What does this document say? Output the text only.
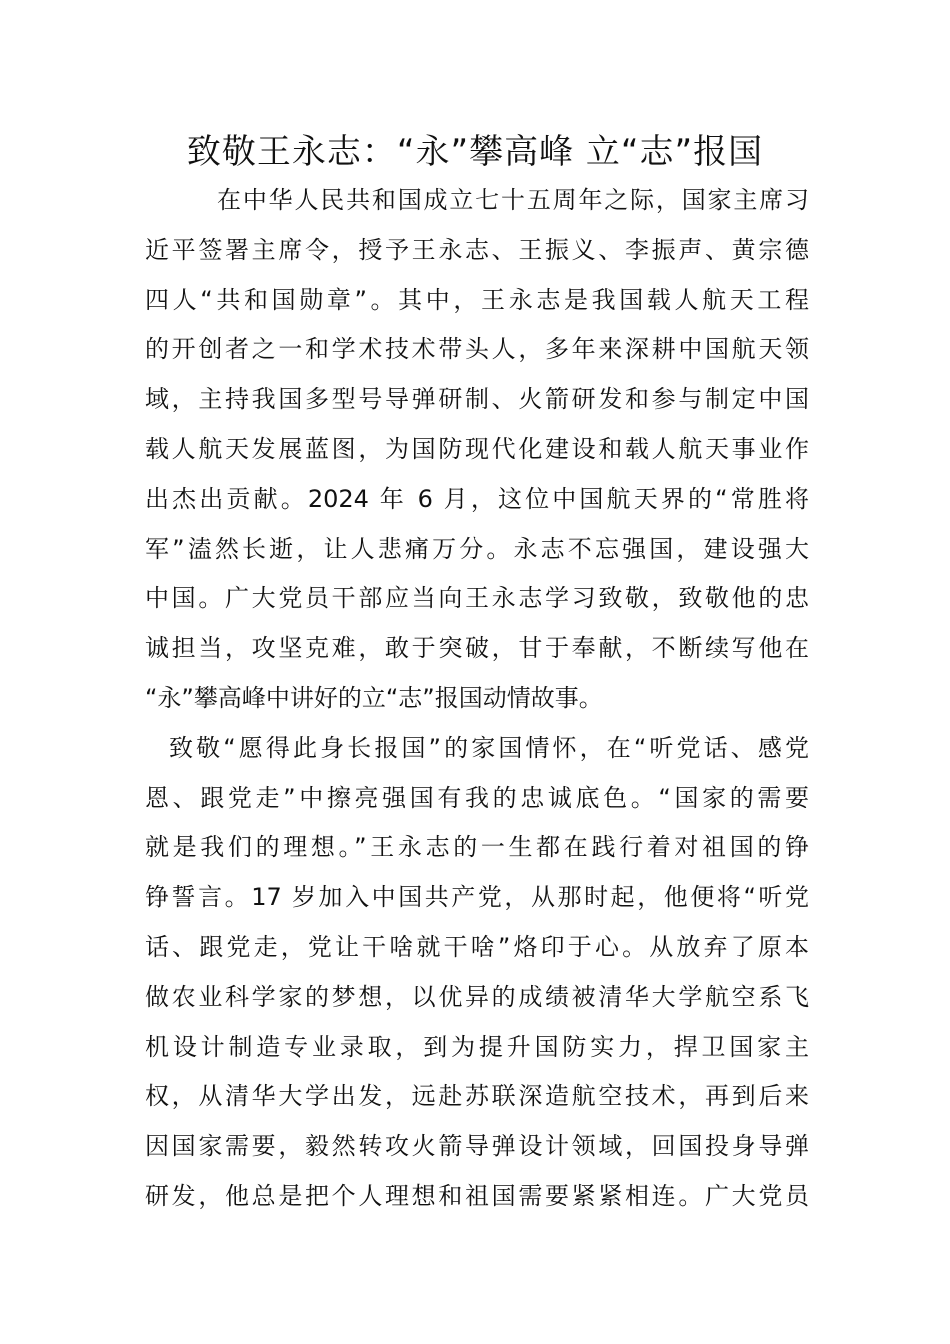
致敬王永志：“永”攀高峰 立“志”报国
在中华人民共和国成立七十五周年之际，国家主席习
近平签署主席令，授予王永志、王振义、李振声、黄宗德
四人“共和国勋章”。其中，王永志是我国载人航天工程
的开创者之一和学术技术带头人，多年来深耕中国航天领
域，主持我国多型号导弹研制、火箭研发和参与制定中国
载人航天发展蓝图，为国防现代化建设和载人航天事业作
出杰出贡献。2024 年 6 月，这位中国航天界的“常胜将
军”溘然长逝，让人悲痛万分。永志不忘强国，建设强大
中国。广大党员干部应当向王永志学习致敬，致敬他的忠
诚担当，攻坚克难，敢于突破，甘于奉献，不断续写他在
“永”攀高峰中讲好的立“志”报国动情故事。
致敬“愿得此身长报国”的家国情怀，在“听党话、感党
恩、跟党走”中擦亮强国有我的忠诚底色。“国家的需要
就是我们的理想。”王永志的一生都在践行着对祖国的铮
铮誓言。17 岁加入中国共产党，从那时起，他便将“听党
话、跟党走，党让干啥就干啥”烙印于心。从放弃了原本
做农业科学家的梦想，以优异的成绩被清华大学航空系飞
机设计制造专业录取，到为提升国防实力，捍卫国家主
权，从清华大学出发，远赴苏联深造航空技术，再到后来
因国家需要，毅然转攻火箭导弹设计领域，回国投身导弹
研发，他总是把个人理想和祖国需要紧紧相连。广大党员
